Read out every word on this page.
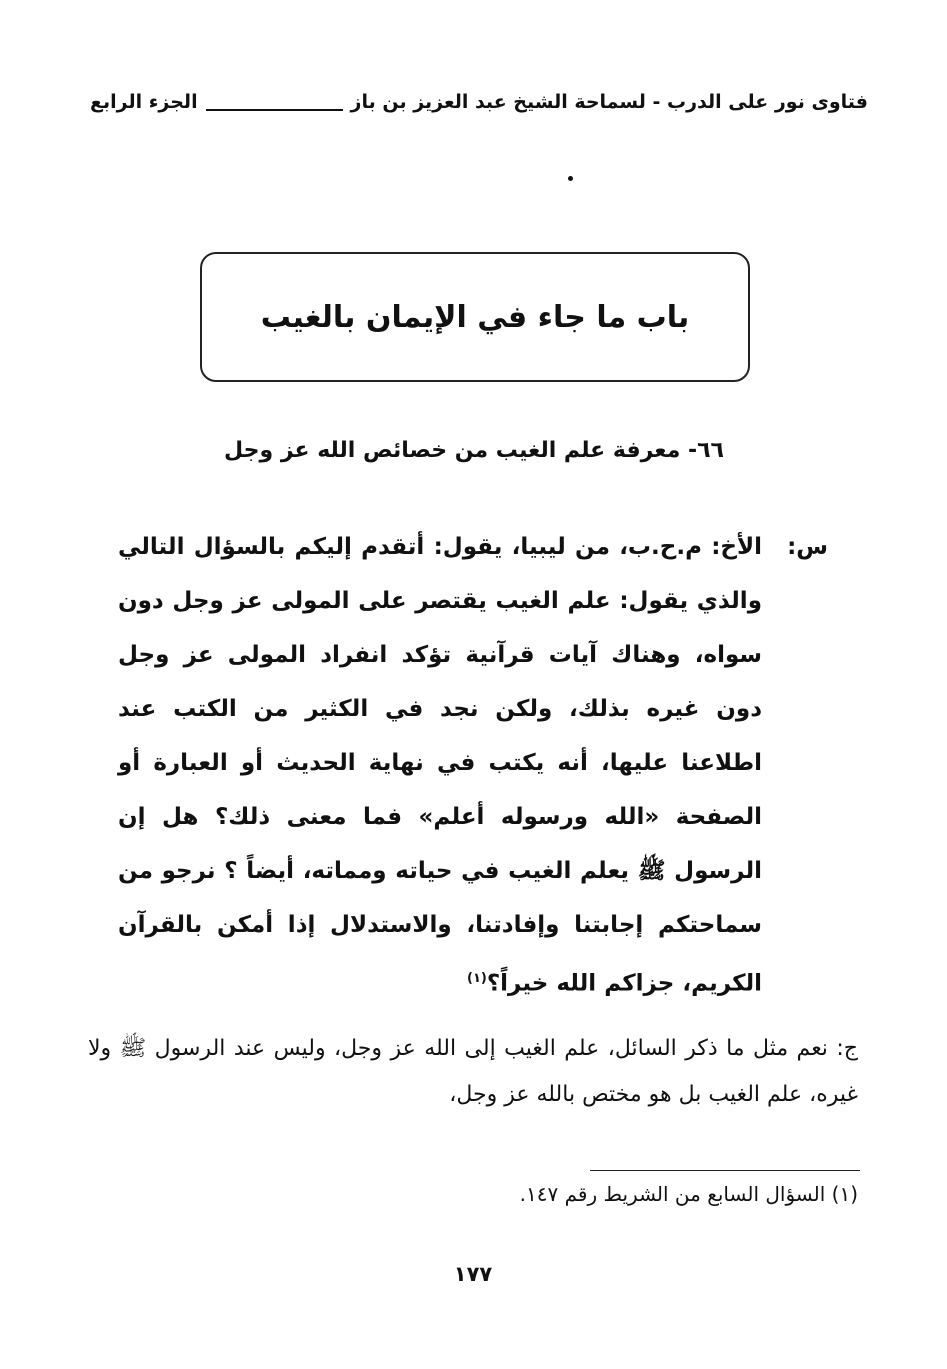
فتاوى نور على الدرب - لسماحة الشيخ عبد العزيز بن باز
الجزء الرابع
باب ما جاء في الإيمان بالغيب
٦٦- معرفة علم الغيب من خصائص الله عز وجل
س:
الأخ: م.ح.ب، من ليبيا، يقول: أتقدم إليكم بالسؤال التالي والذي يقول: علم الغيب يقتصر على المولى عز وجل دون سواه، وهناك آيات قرآنية تؤكد انفراد المولى عز وجل دون غيره بذلك، ولكن نجد في الكثير من الكتب عند اطلاعنا عليها، أنه يكتب في نهاية الحديث أو العبارة أو الصفحة «الله ورسوله أعلم» فما معنى ذلك؟ هل إن الرسول ﷺ يعلم الغيب في حياته ومماته، أيضاً ؟ نرجو من سماحتكم إجابتنا وإفادتنا، والاستدلال إذا أمكن بالقرآن الكريم، جزاكم الله خيراً؟$^{(١)}$
ج: نعم مثل ما ذكر السائل، علم الغيب إلى الله عز وجل، وليس عند الرسول ﷺ ولا غيره، علم الغيب بل هو مختص بالله عز وجل،
(١) السؤال السابع من الشريط رقم ١٤٧.
١٧٧
